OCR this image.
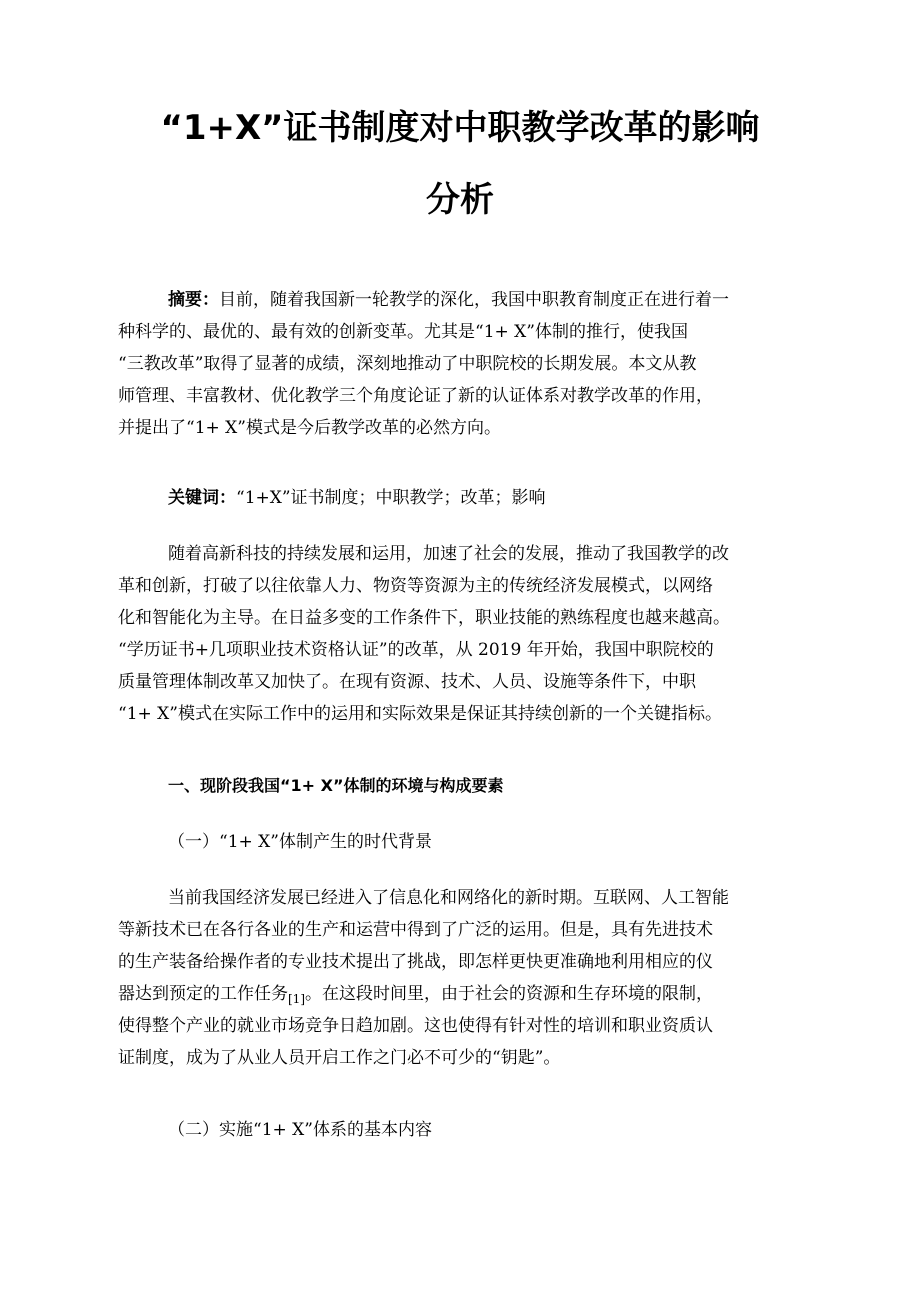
“1+X”证书制度对中职教学改革的影响
分析
摘要：目前，随着我国新一轮教学的深化，我国中职教育制度正在进行着一
种科学的、最优的、最有效的创新变革。尤其是“1+ X”体制的推行，使我国
“三教改革”取得了显著的成绩，深刻地推动了中职院校的长期发展。本文从教
师管理、丰富教材、优化教学三个角度论证了新的认证体系对教学改革的作用，
并提出了“1+ X”模式是今后教学改革的必然方向。
关键词：“1+X”证书制度；中职教学；改革；影响
随着高新科技的持续发展和运用，加速了社会的发展，推动了我国教学的改
革和创新，打破了以往依靠人力、物资等资源为主的传统经济发展模式，以网络
化和智能化为主导。在日益多变的工作条件下，职业技能的熟练程度也越来越高。
“学历证书+几项职业技术资格认证”的改革，从 2019 年开始，我国中职院校的
质量管理体制改革又加快了。在现有资源、技术、人员、设施等条件下，中职
“1+ X”模式在实际工作中的运用和实际效果是保证其持续创新的一个关键指标。
一、现阶段我国“1+ X”体制的环境与构成要素
（一）“1+ X”体制产生的时代背景
当前我国经济发展已经进入了信息化和网络化的新时期。互联网、人工智能
等新技术已在各行各业的生产和运营中得到了广泛的运用。但是，具有先进技术
的生产装备给操作者的专业技术提出了挑战，即怎样更快更准确地利用相应的仪
器达到预定的工作任务$_{[1]}$。在这段时间里，由于社会的资源和生存环境的限制，
使得整个产业的就业市场竞争日趋加剧。这也使得有针对性的培训和职业资质认
证制度，成为了从业人员开启工作之门必不可少的“钥匙”。
（二）实施“1+ X”体系的基本内容
